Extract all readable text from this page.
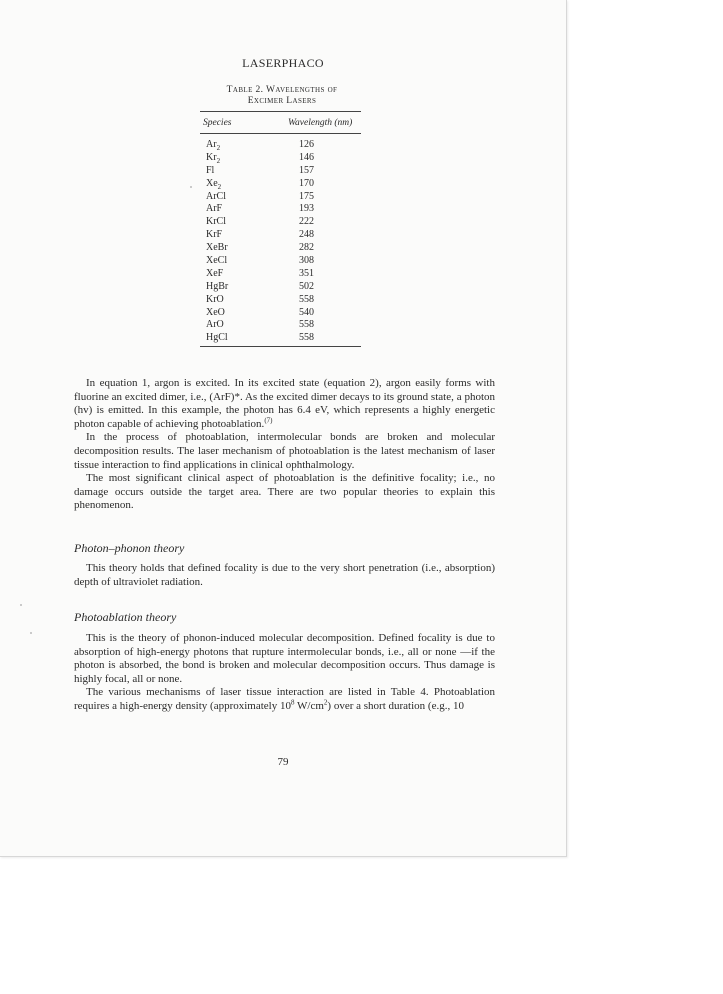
LASERPHACO
Table 2. Wavelengths of
Excimer Lasers
Species	Wavelength (nm)
$Ar_2$	126
$Kr_2$	146
Fl	157
$Xe_2$	170
ArCl	175
ArF	193
KrCl	222
KrF	248
XeBr	282
XeCl	308
XeF	351
HgBr	502
KrO	558
XeO	540
ArO	558
HgCl	558

In equation 1, argon is excited. In its excited state (equation 2), argon easily forms with fluorine an excited dimer, i.e., (ArF)*. As the excited dimer decays to its ground state, a photon (hv) is emitted. In this example, the photon has 6.4 eV, which represents a highly energetic photon capable of achieving photoablation.$^{(7)}$

In the process of photoablation, intermolecular bonds are broken and molecular decomposition results. The laser mechanism of photoablation is the latest mechanism of laser tissue interaction to find applications in clinical ophthalmology.

The most significant clinical aspect of photoablation is the definitive focality; i.e., no damage occurs outside the target area. There are two popular theories to explain this phenomenon.

Photon–phonon theory

This theory holds that defined focality is due to the very short penetration (i.e., absorption) depth of ultraviolet radiation.

Photoablation theory

This is the theory of phonon-induced molecular decomposition. Defined focality is due to absorption of high-energy photons that rupture intermolecular bonds, i.e., all or none —if the photon is absorbed, the bond is broken and molecular decomposition occurs. Thus damage is highly focal, all or none.

The various mechanisms of laser tissue interaction are listed in Table 4. Photoablation requires a high-energy density (approximately $10^8$ $W/cm^2$) over a short duration (e.g., 10

79
